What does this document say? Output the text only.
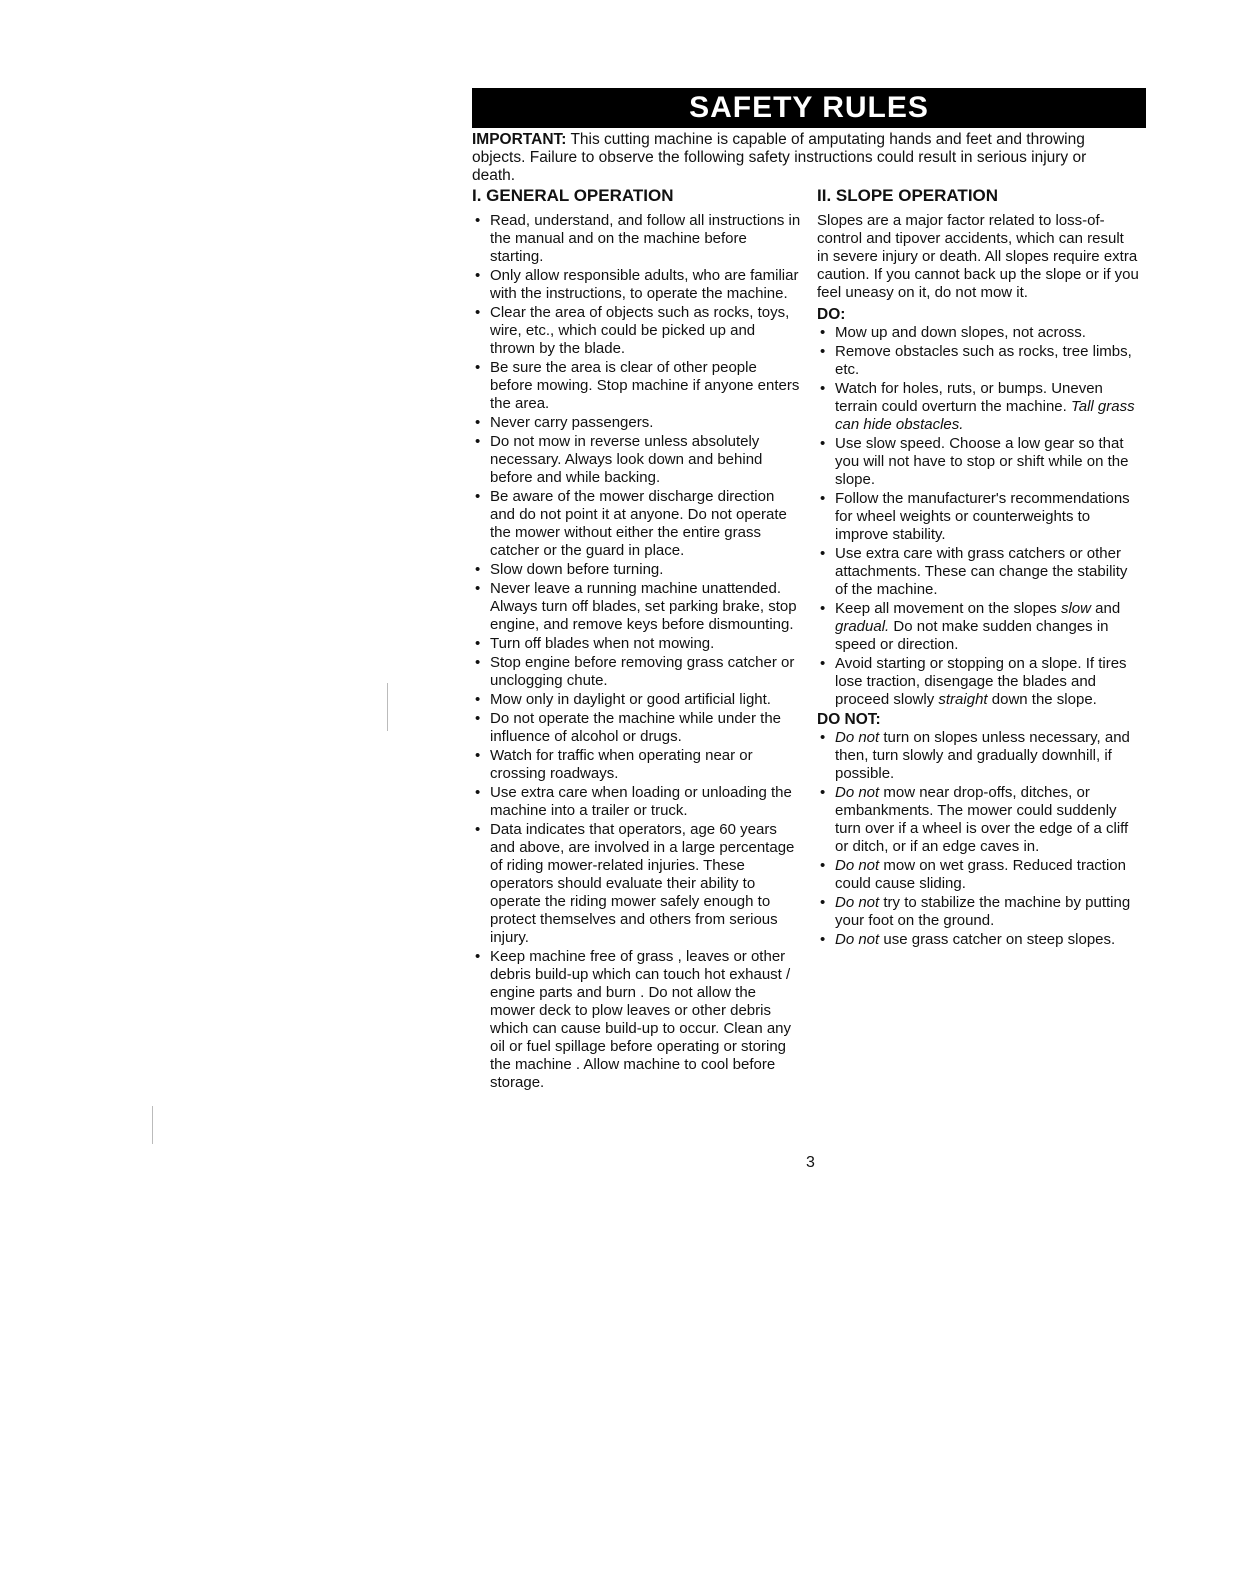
SAFETY RULES
IMPORTANT: This cutting machine is capable of amputating hands and feet and throwing objects. Failure to observe the following safety instructions could result in serious injury or death.
I. GENERAL OPERATION
• Read, understand, and follow all instructions in the manual and on the machine before starting.
• Only allow responsible adults, who are familiar with the instructions, to operate the machine.
• Clear the area of objects such as rocks, toys, wire, etc., which could be picked up and thrown by the blade.
• Be sure the area is clear of other people before mowing. Stop machine if anyone enters the area.
• Never carry passengers.
• Do not mow in reverse unless absolutely necessary. Always look down and behind before and while backing.
• Be aware of the mower discharge direction and do not point it at anyone. Do not operate the mower without either the entire grass catcher or the guard in place.
• Slow down before turning.
• Never leave a running machine unattended. Always turn off blades, set parking brake, stop engine, and remove keys before dismounting.
• Turn off blades when not mowing.
• Stop engine before removing grass catcher or unclogging chute.
• Mow only in daylight or good artificial light.
• Do not operate the machine while under the influence of alcohol or drugs.
• Watch for traffic when operating near or crossing roadways.
• Use extra care when loading or unloading the machine into a trailer or truck.
• Data indicates that operators, age 60 years and above, are involved in a large percentage of riding mower-related injuries. These operators should evaluate their ability to operate the riding mower safely enough to protect themselves and others from serious injury.
• Keep machine free of grass , leaves or other debris build-up which can touch hot exhaust / engine parts and burn . Do not allow the mower deck to plow leaves or other debris which can cause build-up to occur. Clean any oil or fuel spillage before operating or storing the machine . Allow machine to cool before storage.
II. SLOPE OPERATION

Slopes are a major factor related to loss-of-control and tipover accidents, which can result in severe injury or death. All slopes require extra caution. If you cannot back up the slope or if you feel uneasy on it, do not mow it.

DO:

• Mow up and down slopes, not across.
• Remove obstacles such as rocks, tree limbs, etc.
• Watch for holes, ruts, or bumps. Uneven terrain could overturn the machine. Tall grass can hide obstacles.
• Use slow speed. Choose a low gear so that you will not have to stop or shift while on the slope.
• Follow the manufacturer's recommendations for wheel weights or counterweights to improve stability.
• Use extra care with grass catchers or other attachments. These can change the stability of the machine.
• Keep all movement on the slopes slow and gradual. Do not make sudden changes in speed or direction.
• Avoid starting or stopping on a slope. If tires lose traction, disengage the blades and proceed slowly straight down the slope.

DO NOT:

• Do not turn on slopes unless necessary, and then, turn slowly and gradually downhill, if possible.
• Do not mow near drop-offs, ditches, or embankments. The mower could suddenly turn over if a wheel is over the edge of a cliff or ditch, or if an edge caves in.
• Do not mow on wet grass. Reduced traction could cause sliding.
• Do not try to stabilize the machine by putting your foot on the ground.
• Do not use grass catcher on steep slopes.
3
